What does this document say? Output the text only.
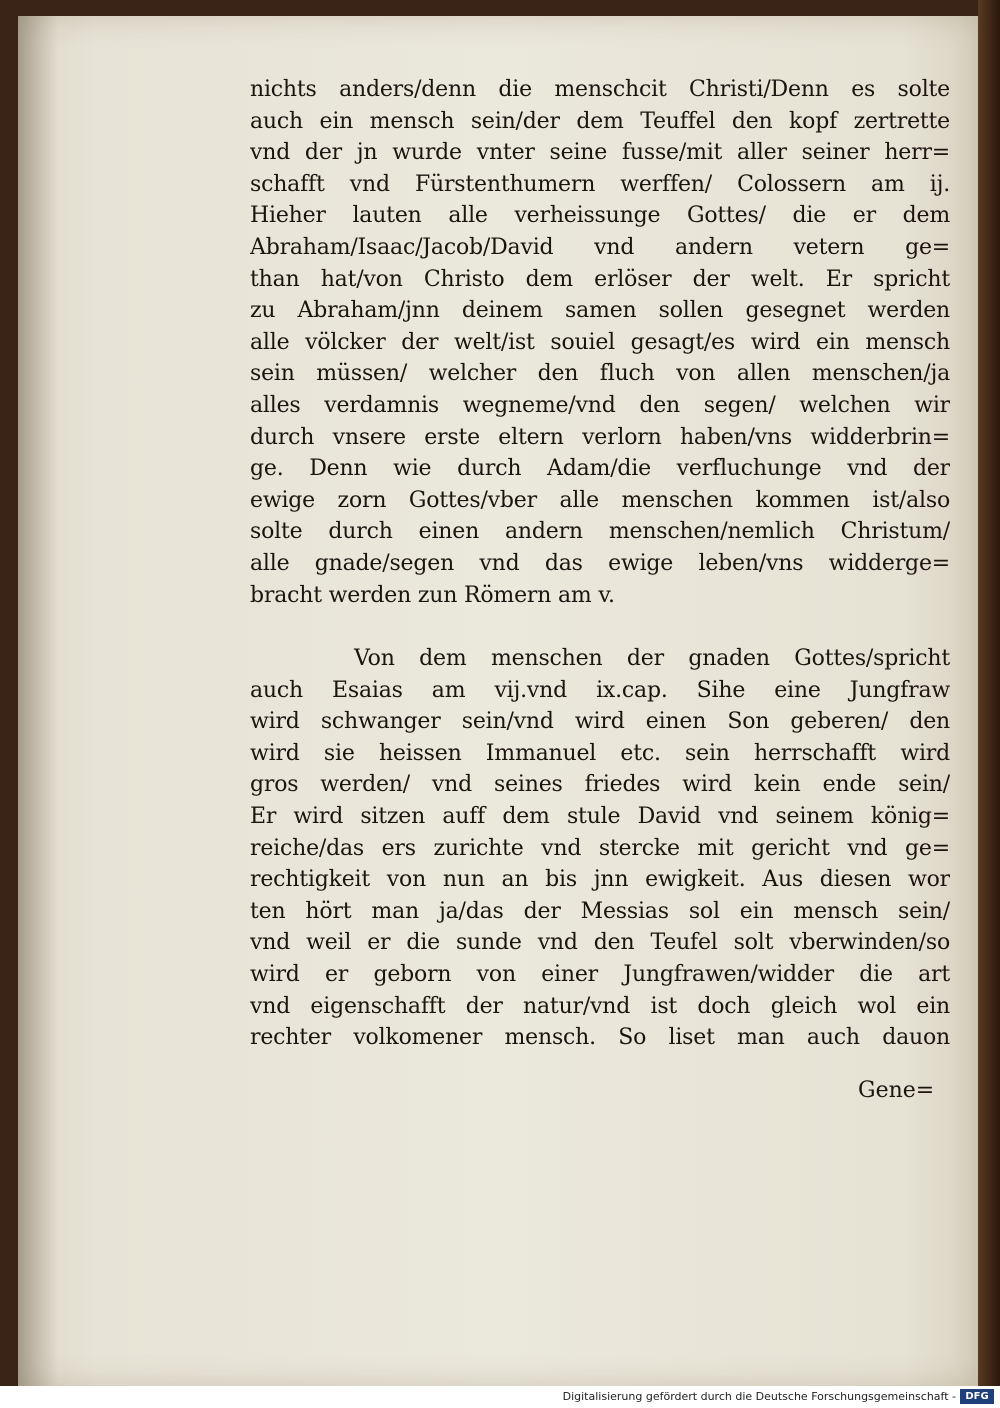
nichts anders/denn die menschcit Christi/Denn es solte
auch ein mensch sein/der dem Teuffel den kopf zertrette
vnd der jn wurde vnter seine fusse/mit aller seiner herr=
schafft vnd Fürstenthumern werffen/ Colossern am ij.
Hieher lauten alle verheissunge Gottes/ die er dem
Abraham/Isaac/Jacob/David vnd andern vetern ge=
than hat/von Christo dem erlöser der welt. Er spricht
zu Abraham/jnn deinem samen sollen gesegnet werden
alle völcker der welt/ist souiel gesagt/es wird ein mensch
sein müssen/ welcher den fluch von allen menschen/ja
alles verdamnis wegneme/vnd den segen/ welchen wir
durch vnsere erste eltern verlorn haben/vns widderbrin=
ge. Denn wie durch Adam/die verfluchunge vnd der
ewige zorn Gottes/vber alle menschen kommen ist/also
solte durch einen andern menschen/nemlich Christum/
alle gnade/segen vnd das ewige leben/vns widderge=
bracht werden zun Römern am v.
Von dem menschen der gnaden Gottes/spricht
auch Esaias am vij.vnd ix.cap. Sihe eine Jungfraw
wird schwanger sein/vnd wird einen Son geberen/ den
wird sie heissen Immanuel etc. sein herrschafft wird
gros werden/ vnd seines friedes wird kein ende sein/
Er wird sitzen auff dem stule David vnd seinem könig=
reiche/das ers zurichte vnd stercke mit gericht vnd ge=
rechtigkeit von nun an bis jnn ewigkeit. Aus diesen wor
ten hört man ja/das der Messias sol ein mensch sein/
vnd weil er die sunde vnd den Teufel solt vberwinden/so
wird er geborn von einer Jungfrawen/widder die art
vnd eigenschafft der natur/vnd ist doch gleich wol ein
rechter volkomener mensch. So liset man auch dauon
Gene=
Digitalisierung gefördert durch die Deutsche Forschungsgemeinschaft - DFG
